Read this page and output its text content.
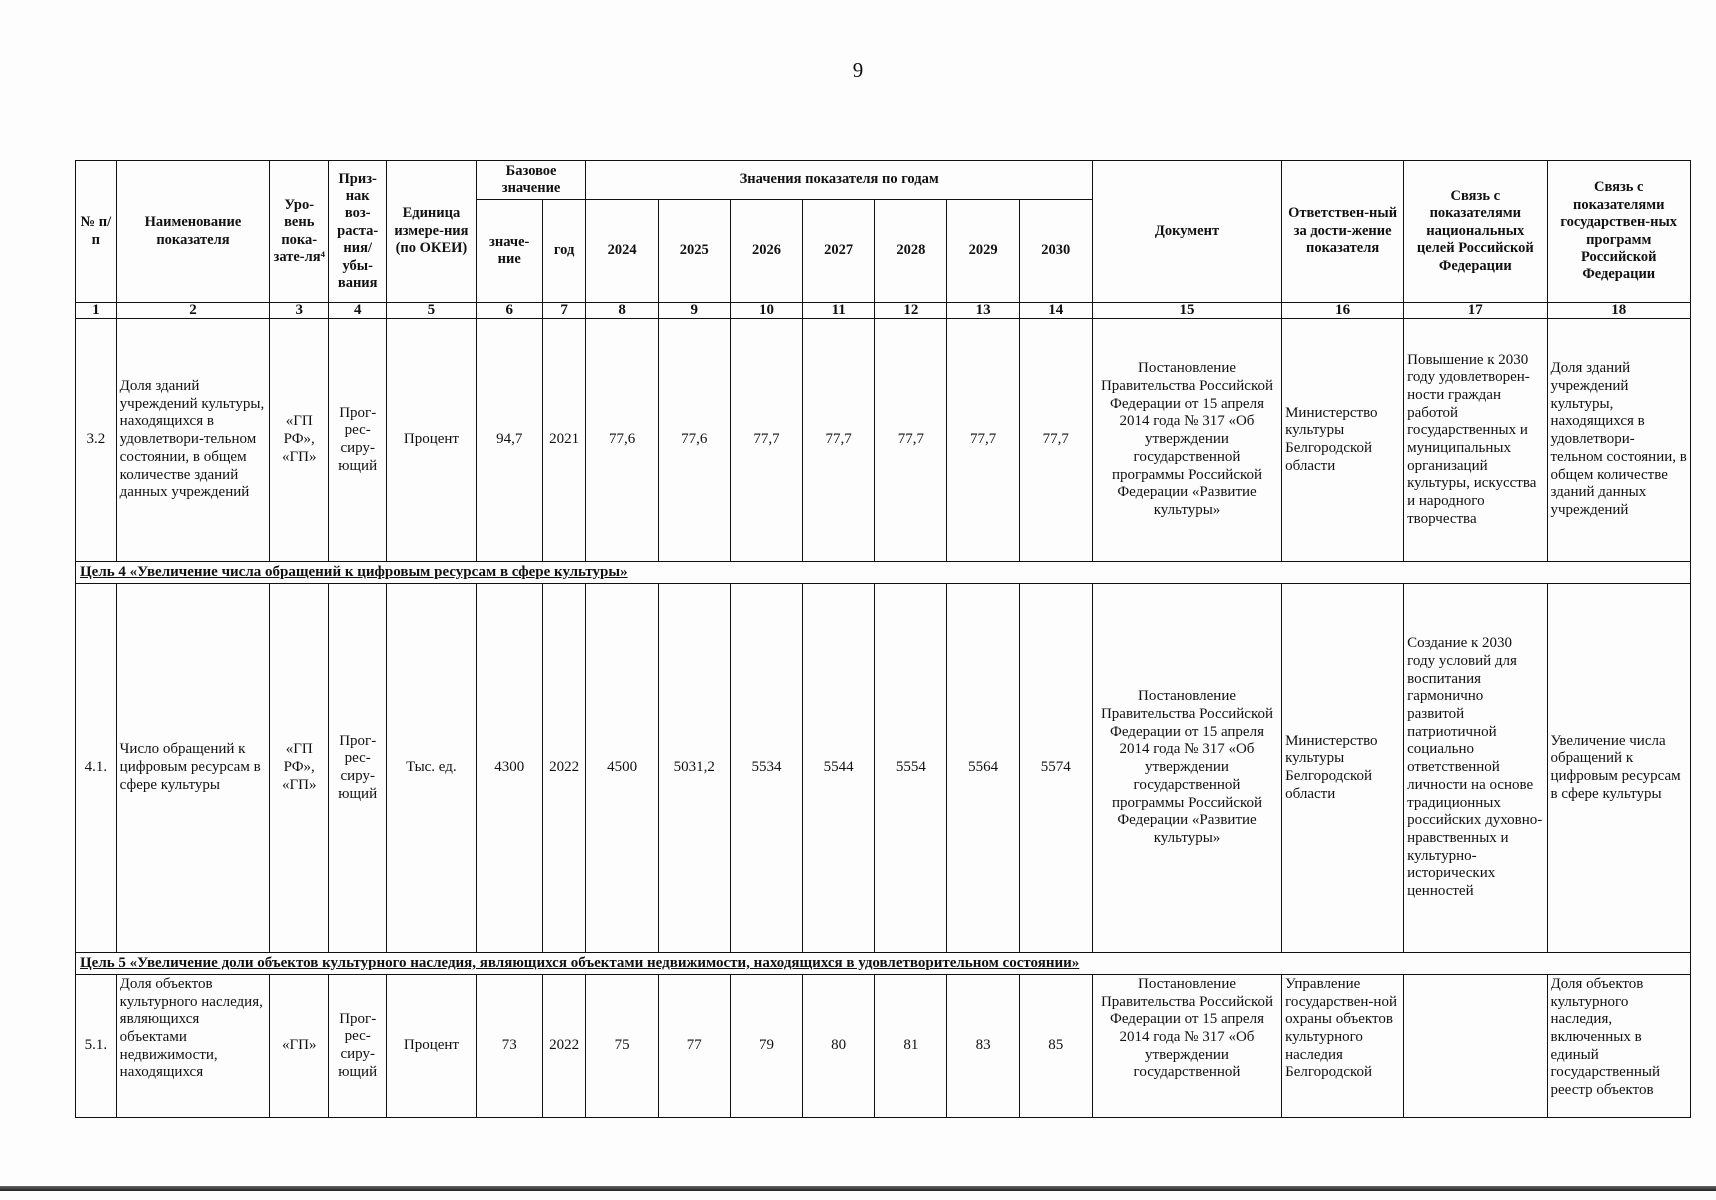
9
№ п/п	Наименование показателя	Уро-вень пока-зате-ля⁴	Приз-нак воз-раста-ния/ убы-вания	Единица измере-ния (по ОКЕИ)	Базовое значение		Значения показателя по годам							Документ	Ответствен-ный за дости-жение показателя	Связь с показателями национальных целей Российской Федерации	Связь с показателями государствен-ных программ Российской Федерации
					значе-ние	год	2024	2025	2026	2027	2028	2029	2030				
1	2	3	4	5	6	7	8	9	10	11	12	13	14	15	16	17	18
3.2	Доля зданий учреждений культуры, находящихся в удовлетвори-тельном состоянии, в общем количестве зданий данных учреждений	«ГП РФ», «ГП»	Прог-рес-сиру-ющий	Процент	94,7	2021	77,6	77,6	77,7	77,7	77,7	77,7	77,7	Постановление Правительства Российской Федерации от 15 апреля 2014 года № 317 «Об утверждении государственной программы Российской Федерации «Развитие культуры»	Министерство культуры Белгородской области	Повышение к 2030 году удовлетворен-ности граждан работой государственных и муниципальных организаций культуры, искусства и народного творчества	Доля зданий учреждений культуры, находящихся в удовлетвори-тельном состоянии, в общем количестве зданий данных учреждений
Цель 4 «Увеличение числа обращений к цифровым ресурсам в сфере культуры»																	
4.1.	Число обращений к цифровым ресурсам в сфере культуры	«ГП РФ», «ГП»	Прог-рес-сиру-ющий	Тыс. ед.	4300	2022	4500	5031,2	5534	5544	5554	5564	5574	Постановление Правительства Российской Федерации от 15 апреля 2014 года № 317 «Об утверждении государственной программы Российской Федерации «Развитие культуры»	Министерство культуры Белгородской области	Создание к 2030 году условий для воспитания гармонично развитой патриотичной социально ответственной личности на основе традиционных российских духовно-нравственных и культурно-исторических ценностей	Увеличение числа обращений к цифровым ресурсам в сфере культуры
Цель 5 «Увеличение доли объектов культурного наследия, являющихся объектами недвижимости, находящихся в удовлетворительном состоянии»																	
5.1.	Доля объектов культурного наследия, являющихся объектами недвижимости, находящихся	«ГП»	Прог-рес-сиру-ющий	Процент	73	2022	75	77	79	80	81	83	85	Постановление Правительства Российской Федерации от 15 апреля 2014 года № 317 «Об утверждении государственной	Управление государствен-ной охраны объектов культурного наследия Белгородской		Доля объектов культурного наследия, включенных в единый государственный реестр объектов
